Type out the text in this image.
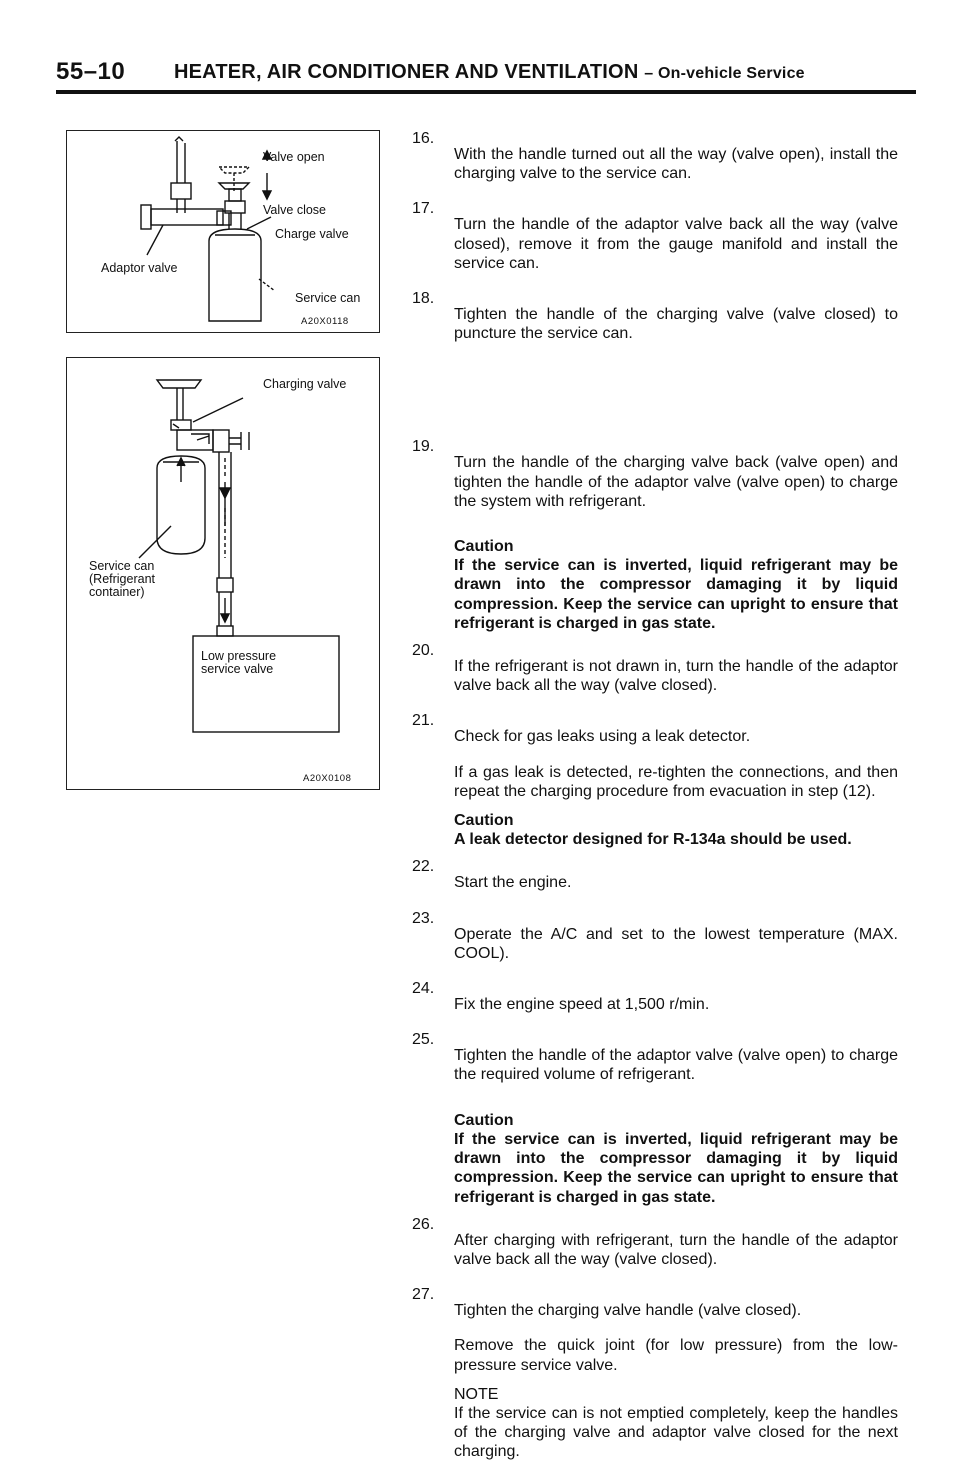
55–10 HEATER, AIR CONDITIONER AND VENTILATION – On-vehicle Service
Valve open
Valve close
Charge valve
Adaptor valve
Service can
A20X0118
Charging valve
Service can
(Refrigerant
container)
Low pressure
service valve
A20X0108
16.

With the handle turned out all the way (valve open), install the charging valve to the service can.

17.

Turn the handle of the adaptor valve back all the way (valve closed), remove it from the gauge manifold and install the service can.

18.

Tighten the handle of the charging valve (valve closed) to puncture the service can.

19.

Turn the handle of the charging valve back (valve open) and tighten the handle of the adaptor valve (valve open) to charge the system with refrigerant.

Caution
If the service can is inverted, liquid refrigerant may be drawn into the compressor damaging it by liquid compression. Keep the service can upright to ensure that refrigerant is charged in gas state.
20.

If the refrigerant is not drawn in, turn the handle of the adaptor valve back all the way (valve closed).

21.

Check for gas leaks using a leak detector.

If a gas leak is detected, re-tighten the connections, and then repeat the charging procedure from evacuation in step (12).
Caution
A leak detector designed for R-134a should be used.
22.

Start the engine.

23.

Operate the A/C and set to the lowest temperature (MAX. COOL).

24.

Fix the engine speed at 1,500 r/min.

25.

Tighten the handle of the adaptor valve (valve open) to charge the required volume of refrigerant.

Caution
If the service can is inverted, liquid refrigerant may be drawn into the compressor damaging it by liquid compression. Keep the service can upright to ensure that refrigerant is charged in gas state.
26.

After charging with refrigerant, turn the handle of the adaptor valve back all the way (valve closed).

27.

Tighten the charging valve handle (valve closed).

Remove the quick joint (for low pressure) from the low-pressure service valve.
NOTE
If the service can is not emptied completely, keep the handles of the charging valve and adaptor valve closed for the next charging.
